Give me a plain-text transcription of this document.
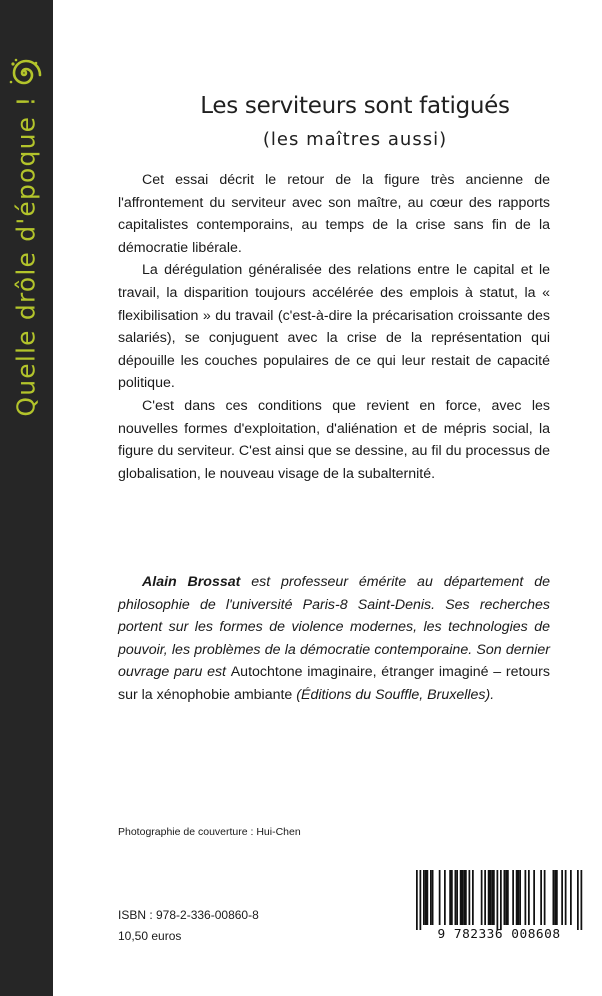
Quelle drôle d'époque !	Les serviteurs sont fatigués
(les maîtres aussi)

Cet essai décrit le retour de la figure très ancienne de l'affrontement du serviteur avec son maître, au cœur des rapports capitalistes contemporains, au temps de la crise sans fin de la démocratie libérale.

La dérégulation généralisée des relations entre le capital et le travail, la disparition toujours accélérée des emplois à statut, la « flexibilisation » du travail (c'est-à-dire la précarisation croissante des salariés), se conjuguent avec la crise de la représentation qui dépouille les couches populaires de ce qui leur restait de capacité politique.

C'est dans ces conditions que revient en force, avec les nouvelles formes d'exploitation, d'aliénation et de mépris social, la figure du serviteur. C'est ainsi que se dessine, au fil du processus de globalisation, le nouveau visage de la subalternité.

Alain Brossat est professeur émérite au département de philosophie de l'université Paris-8 Saint-Denis. Ses recherches portent sur les formes de violence modernes, les technologies de pouvoir, les problèmes de la démocratie contemporaine. Son dernier ouvrage paru est Autochtone imaginaire, étranger imaginé – retours sur la xénophobie ambiante (Éditions du Souffle, Bruxelles).

Photographie de couverture : Hui-Chen
ISBN : 978-2-336-00860-8
10,50 euros	9 782336 008608
